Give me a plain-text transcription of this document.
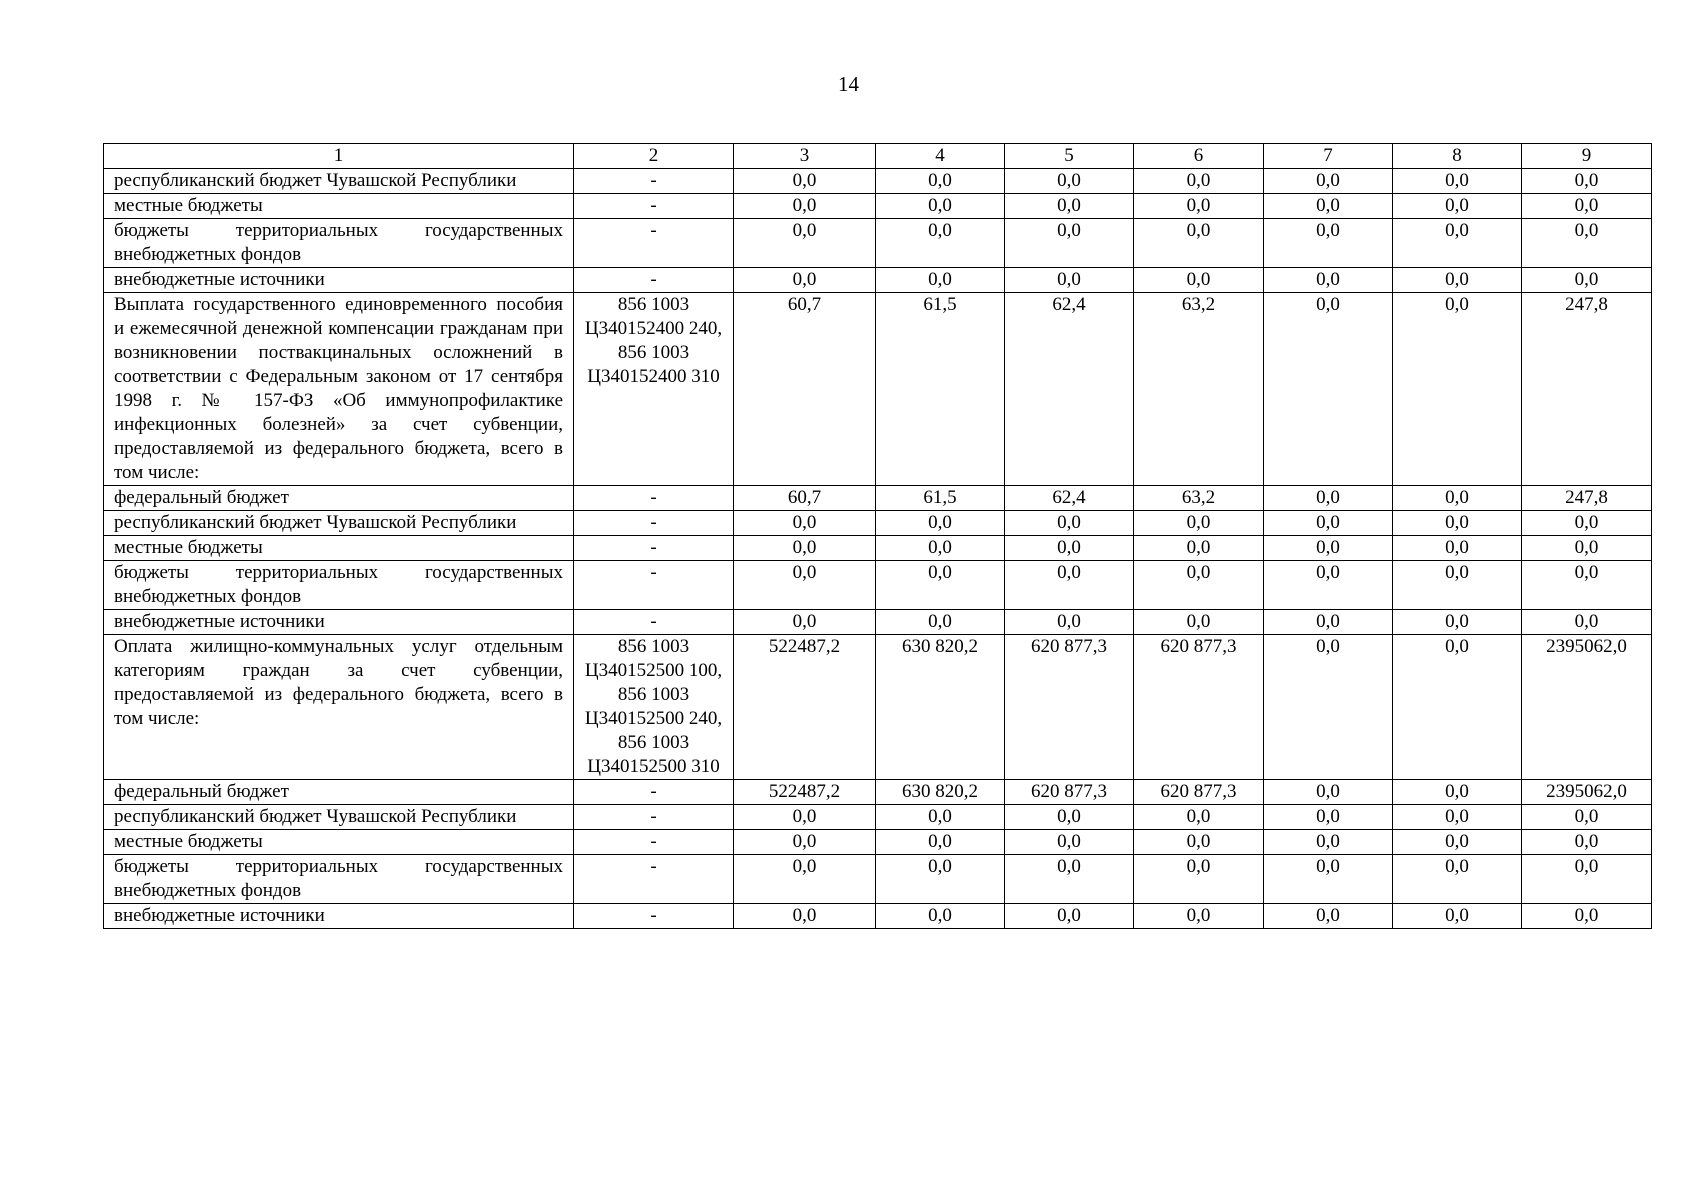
14
1	2	3	4	5	6	7	8	9
республиканский бюджет Чувашской Республики	-	0,0	0,0	0,0	0,0	0,0	0,0	0,0
местные бюджеты	-	0,0	0,0	0,0	0,0	0,0	0,0	0,0
бюджеты территориальных государственных внебюджетных фондов	-	0,0	0,0	0,0	0,0	0,0	0,0	0,0
внебюджетные источники	-	0,0	0,0	0,0	0,0	0,0	0,0	0,0
Выплата государственного единовременного пособия и ежемесячной денежной компенсации гражданам при возникновении поствакцинальных осложнений в соответствии с Федеральным законом от 17 сентября 1998 г. № 157-ФЗ «Об иммунопрофилактике инфекционных болезней» за счет субвенции, предоставляемой из федерального бюджета, всего в том числе:	856 1003 Ц340152400 240, 856 1003 Ц340152400 310	60,7	61,5	62,4	63,2	0,0	0,0	247,8
федеральный бюджет	-	60,7	61,5	62,4	63,2	0,0	0,0	247,8
республиканский бюджет Чувашской Республики	-	0,0	0,0	0,0	0,0	0,0	0,0	0,0
местные бюджеты	-	0,0	0,0	0,0	0,0	0,0	0,0	0,0
бюджеты территориальных государственных внебюджетных фондов	-	0,0	0,0	0,0	0,0	0,0	0,0	0,0
внебюджетные источники	-	0,0	0,0	0,0	0,0	0,0	0,0	0,0
Оплата жилищно-коммунальных услуг отдельным категориям граждан за счет субвенции, предоставляемой из федерального бюджета, всего в том числе:	856 1003 Ц340152500 100, 856 1003 Ц340152500 240, 856 1003 Ц340152500 310	522487,2	630 820,2	620 877,3	620 877,3	0,0	0,0	2395062,0
федеральный бюджет	-	522487,2	630 820,2	620 877,3	620 877,3	0,0	0,0	2395062,0
республиканский бюджет Чувашской Республики	-	0,0	0,0	0,0	0,0	0,0	0,0	0,0
местные бюджеты	-	0,0	0,0	0,0	0,0	0,0	0,0	0,0
бюджеты территориальных государственных внебюджетных фондов	-	0,0	0,0	0,0	0,0	0,0	0,0	0,0
внебюджетные источники	-	0,0	0,0	0,0	0,0	0,0	0,0	0,0
